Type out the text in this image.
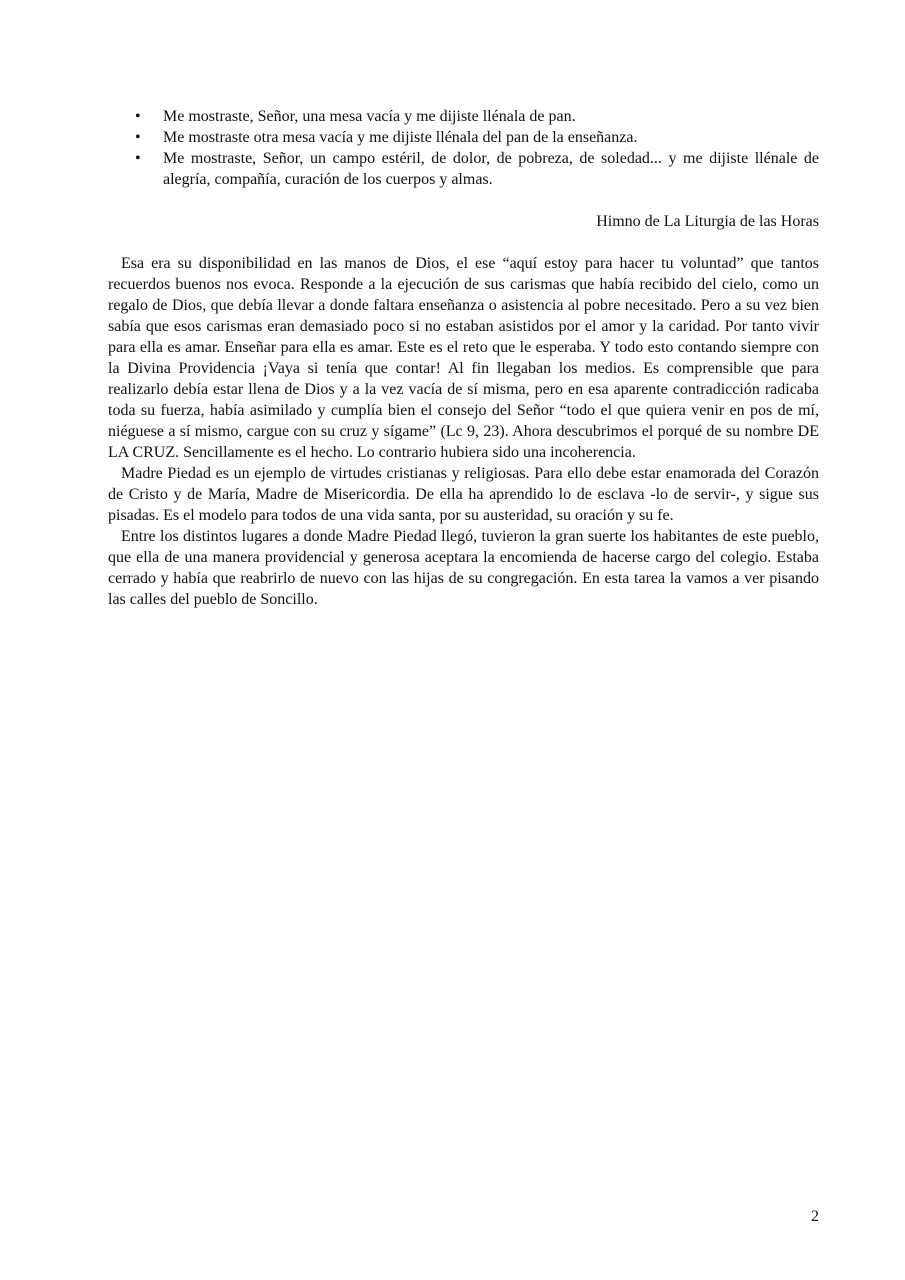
• Me mostraste, Señor, una mesa vacía y me dijiste llénala de pan.
• Me mostraste otra mesa vacía y me dijiste llénala del pan de la enseñanza.
• Me mostraste, Señor, un campo estéril, de dolor, de pobreza, de soledad... y me dijiste llénale de alegría, compañía, curación de los cuerpos y almas.
Himno de La Liturgia de las Horas

Esa era su disponibilidad en las manos de Dios, el ese “aquí estoy para hacer tu voluntad” que tantos recuerdos buenos nos evoca. Responde a la ejecución de sus carismas que había recibido del cielo, como un regalo de Dios, que debía llevar a donde faltara enseñanza o asistencia al pobre necesitado. Pero a su vez bien sabía que esos carismas eran demasiado poco si no estaban asistidos por el amor y la caridad. Por tanto vivir para ella es amar. Enseñar para ella es amar. Este es el reto que le esperaba. Y todo esto contando siempre con la Divina Providencia ¡Vaya si tenía que contar! Al fin llegaban los medios. Es comprensible que para realizarlo debía estar llena de Dios y a la vez vacía de sí misma, pero en esa aparente contradicción radicaba toda su fuerza, había asimilado y cumplía bien el consejo del Señor “todo el que quiera venir en pos de mí, niéguese a sí mismo, cargue con su cruz y sígame” (Lc 9, 23). Ahora descubrimos el porqué de su nombre DE LA CRUZ. Sencillamente es el hecho. Lo contrario hubiera sido una incoherencia.

Madre Piedad es un ejemplo de virtudes cristianas y religiosas. Para ello debe estar enamorada del Corazón de Cristo y de María, Madre de Misericordia. De ella ha aprendido lo de esclava -lo de servir-, y sigue sus pisadas. Es el modelo para todos de una vida santa, por su austeridad, su oración y su fe.

Entre los distintos lugares a donde Madre Piedad llegó, tuvieron la gran suerte los habitantes de este pueblo, que ella de una manera providencial y generosa aceptara la encomienda de hacerse cargo del colegio. Estaba cerrado y había que reabrirlo de nuevo con las hijas de su congregación. En esta tarea la vamos a ver pisando las calles del pueblo de Soncillo.

2
